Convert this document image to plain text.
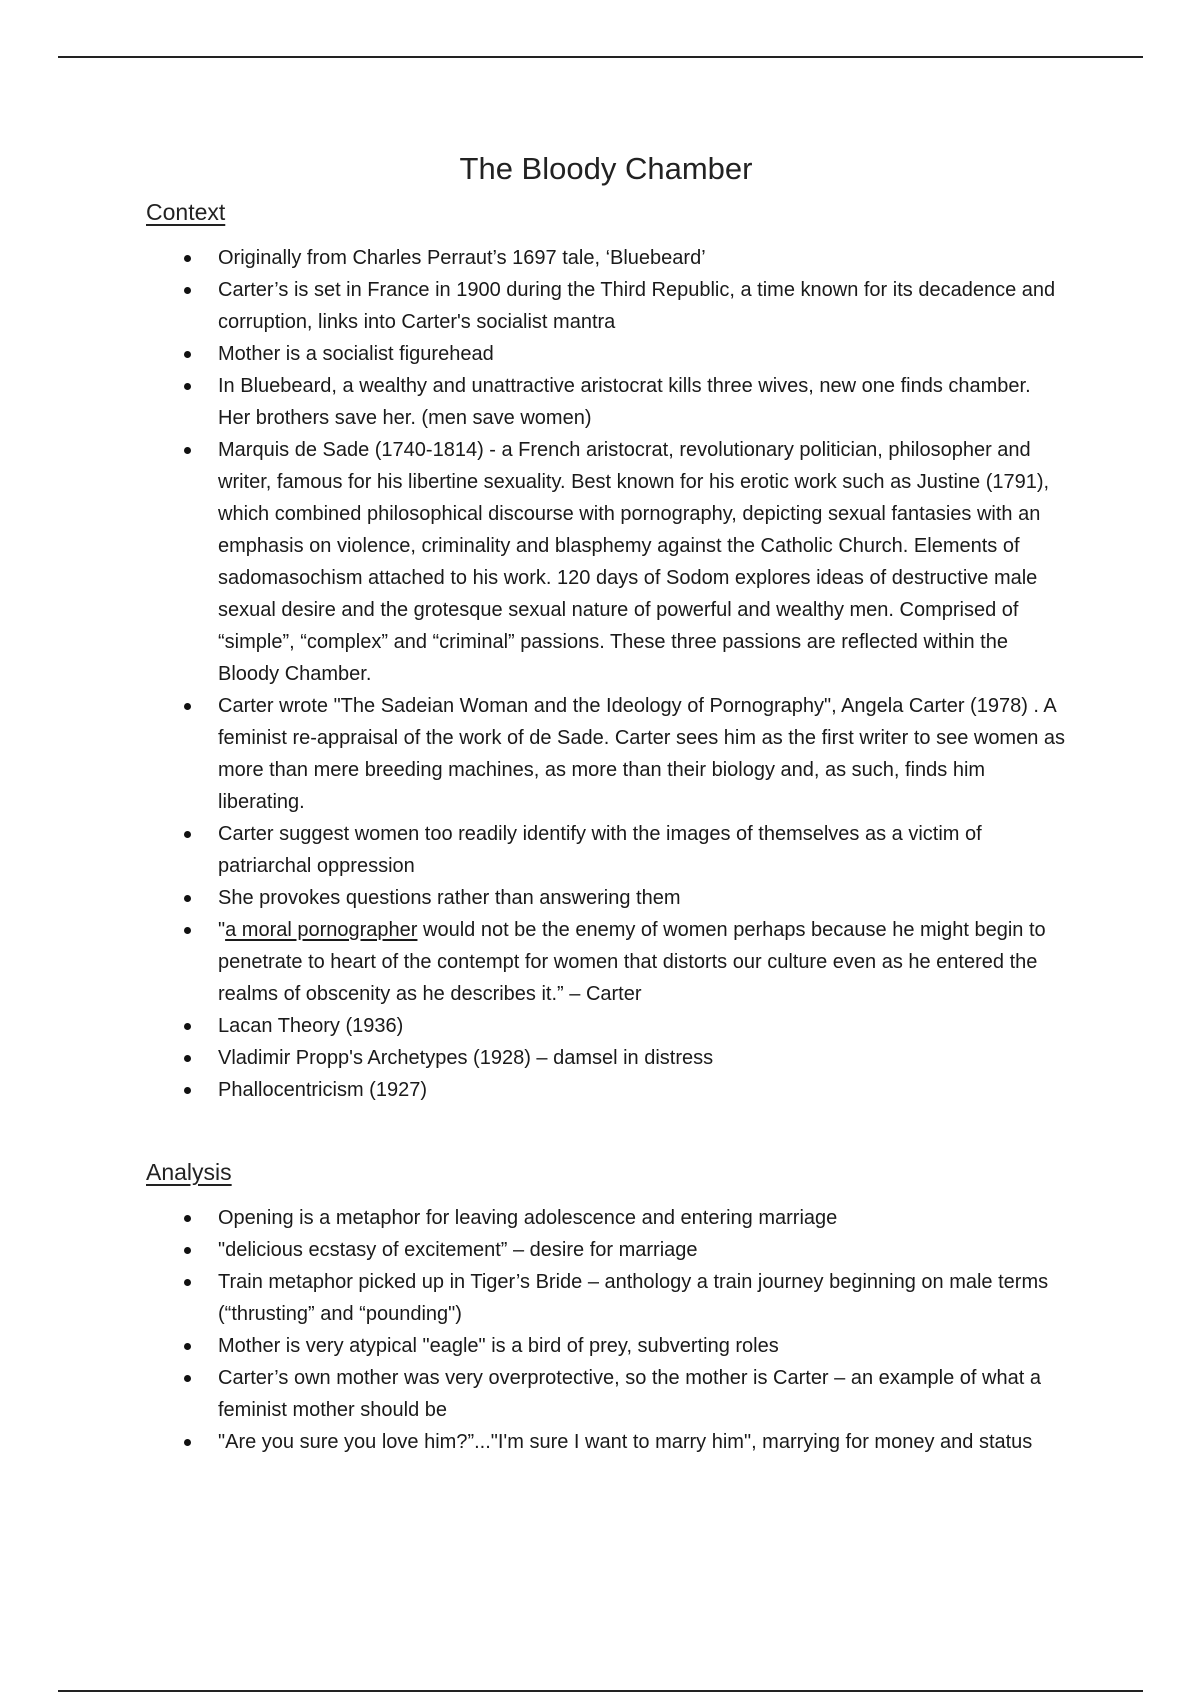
The Bloody Chamber
Context
Originally from Charles Perraut’s 1697 tale, ‘Bluebeard’
Carter’s is set in France in 1900 during the Third Republic, a time known for its decadence and corruption, links into Carter's socialist mantra
Mother is a socialist figurehead
In Bluebeard, a wealthy and unattractive aristocrat kills three wives, new one finds chamber. Her brothers save her. (men save women)
Marquis de Sade (1740-1814) - a French aristocrat, revolutionary politician, philosopher and writer, famous for his libertine sexuality. Best known for his erotic work such as Justine (1791), which combined philosophical discourse with pornography, depicting sexual fantasies with an emphasis on violence, criminality and blasphemy against the Catholic Church. Elements of sadomasochism attached to his work. 120 days of Sodom explores ideas of destructive male sexual desire and the grotesque sexual nature of powerful and wealthy men. Comprised of “simple”, “complex” and “criminal” passions. These three passions are reflected within the Bloody Chamber.
Carter wrote "The Sadeian Woman and the Ideology of Pornography", Angela Carter (1978) . A feminist re-appraisal of the work of de Sade. Carter sees him as the first writer to see women as more than mere breeding machines, as more than their biology and, as such, finds him liberating.
Carter suggest women too readily identify with the images of themselves as a victim of patriarchal oppression
She provokes questions rather than answering them
"a moral pornographer would not be the enemy of women perhaps because he might begin to penetrate to heart of the contempt for women that distorts our culture even as he entered the realms of obscenity as he describes it.” – Carter
Lacan Theory (1936)
Vladimir Propp's Archetypes (1928) – damsel in distress
Phallocentricism (1927)
Analysis
Opening is a metaphor for leaving adolescence and entering marriage
"delicious ecstasy of excitement” – desire for marriage
Train metaphor picked up in Tiger’s Bride – anthology a train journey beginning on male terms (“thrusting” and “pounding")
Mother is very atypical "eagle" is a bird of prey, subverting roles
Carter’s own mother was very overprotective, so the mother is Carter – an example of what a feminist mother should be
"Are you sure you love him?”..."I'm sure I want to marry him", marrying for money and status
